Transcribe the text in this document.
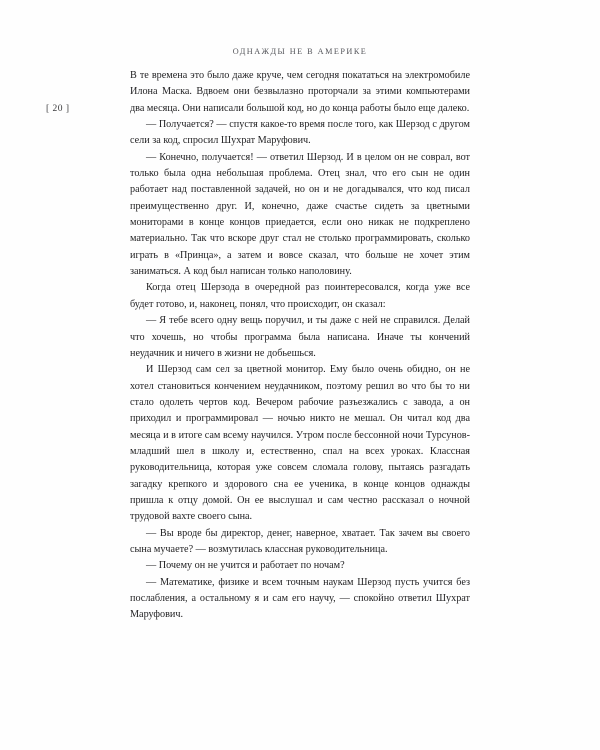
ОДНАЖДЫ НЕ В АМЕРИКЕ
[ 20 ]

В те времена это было даже круче, чем сегодня покататься на электромобиле Илона Маска. Вдвоем они безвылазно проторчали за этими компьютерами два месяца. Они написали большой код, но до конца работы было еще далеко.

— Получается? — спустя какое-то время после того, как Шерзод с другом сели за код, спросил Шухрат Маруфович.

— Конечно, получается! — ответил Шерзод. И в целом он не соврал, вот только была одна небольшая проблема. Отец знал, что его сын не один работает над поставленной задачей, но он и не догадывался, что код писал преимущественно друг. И, конечно, даже счастье сидеть за цветными мониторами в конце концов приедается, если оно никак не подкреплено материально. Так что вскоре друг стал не столько программировать, сколько играть в «Принца», а затем и вовсе сказал, что больше не хочет этим заниматься. А код был написан только наполовину.

Когда отец Шерзода в очередной раз поинтересовался, когда уже все будет готово, и, наконец, понял, что происходит, он сказал:

— Я тебе всего одну вещь поручил, и ты даже с ней не справился. Делай что хочешь, но чтобы программа была написана. Иначе ты кончений неудачник и ничего в жизни не добьешься.

И Шерзод сам сел за цветной монитор. Ему было очень обидно, он не хотел становиться кончением неудачником, поэтому решил во что бы то ни стало одолеть чертов код. Вечером рабочие разъезжались с завода, а он приходил и программировал — ночью никто не мешал. Он читал код два месяца и в итоге сам всему научился. Утром после бессонной ночи Турсунов-младший шел в школу и, естественно, спал на всех уроках. Классная руководительница, которая уже совсем сломала голову, пытаясь разгадать загадку крепкого и здорового сна ее ученика, в конце концов однажды пришла к отцу домой. Он ее выслушал и сам честно рассказал о ночной трудовой вахте своего сына.

— Вы вроде бы директор, денег, наверное, хватает. Так зачем вы своего сына мучаете? — возмутилась классная руководительница.

— Почему он не учится и работает по ночам?

— Математике, физике и всем точным наукам Шерзод пусть учится без послабления, а остальному я и сам его научу, — спокойно ответил Шухрат Маруфович.
